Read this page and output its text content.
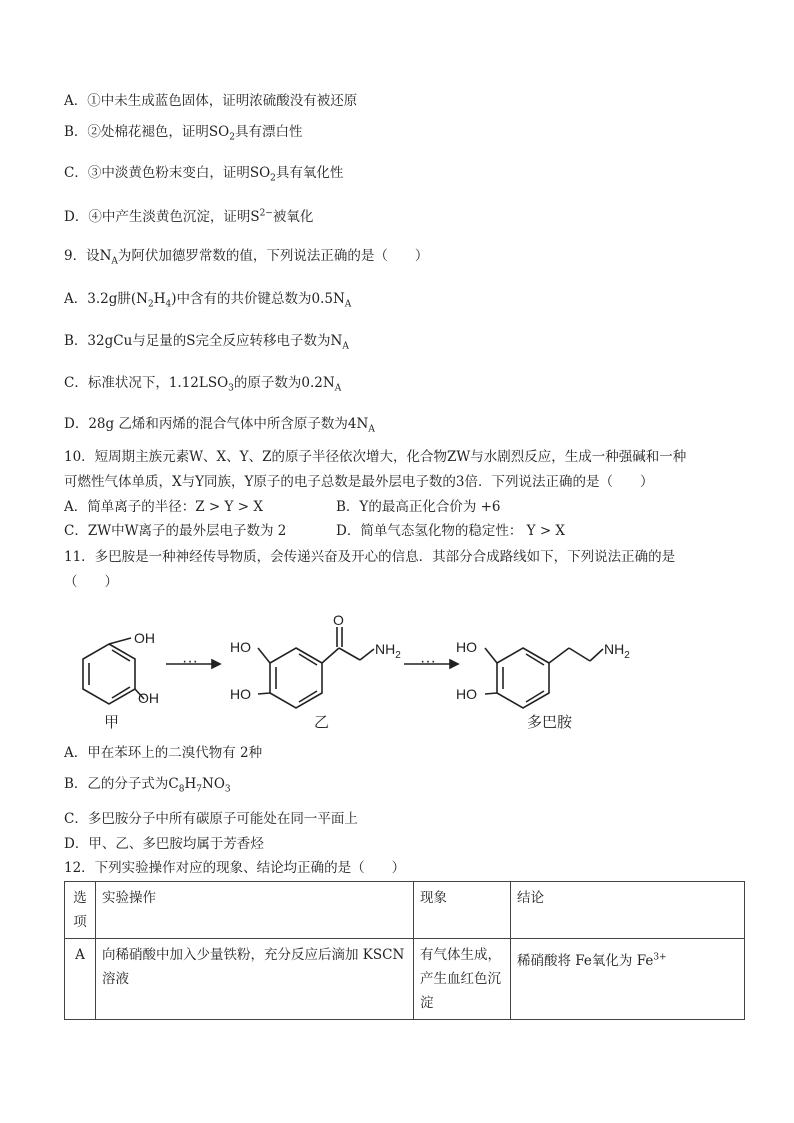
A．①中未生成蓝色固体，证明浓硫酸没有被还原
B．②处棉花褪色，证明$SO_2$具有漂白性
C．③中淡黄色粉末变白，证明$SO_2$具有氧化性
D．④中产生淡黄色沉淀，证明$S^{2-}$被氧化
9．设$N_A$为阿伏加德罗常数的值，下列说法正确的是（　　）
A．3.2g肼$(N_2H_4)$中含有的共价键总数为$0.5N_A$
B．32gCu与足量的S完全反应转移电子数为$N_A$
C．标准状况下，$1.12LSO_3$的原子数为$0.2N_A$
D．28g 乙烯和丙烯的混合气体中所含原子数为$4N_A$
10．短周期主族元素W、X、Y、Z的原子半径依次增大，化合物ZW与水剧烈反应，生成一种强碱和一种
可燃性气体单质，X与Y同族，Y原子的电子总数是最外层电子数的3倍．下列说法正确的是（　　）
A．简单离子的半径：Z > Y > X	B．Y的最高正化合价为 +6
C．ZW中W离子的最外层电子数为 2	D．简单气态氢化物的稳定性： Y > X
11．多巴胺是一种神经传导物质，会传递兴奋及开心的信息．其部分合成路线如下，下列说法正确的是
（　　）
OH
OH
甲
···
HO
HO
O
$NH_2$
乙
···
HO
HO
$NH_2$
多巴胺
A．甲在苯环上的二溴代物有 2种
B．乙的分子式为$C_8H_7NO_3$
C．多巴胺分子中所有碳原子可能处在同一平面上
D．甲、乙、多巴胺均属于芳香烃
12．下列实验操作对应的现象、结论均正确的是（　　）
选项	实验操作	现象	结论
A	向稀硝酸中加入少量铁粉，充分反应后滴加 KSCN 溶液	有气体生成，产生血红色沉淀	稀硝酸将 Fe氧化为 $Fe^{3+}$
